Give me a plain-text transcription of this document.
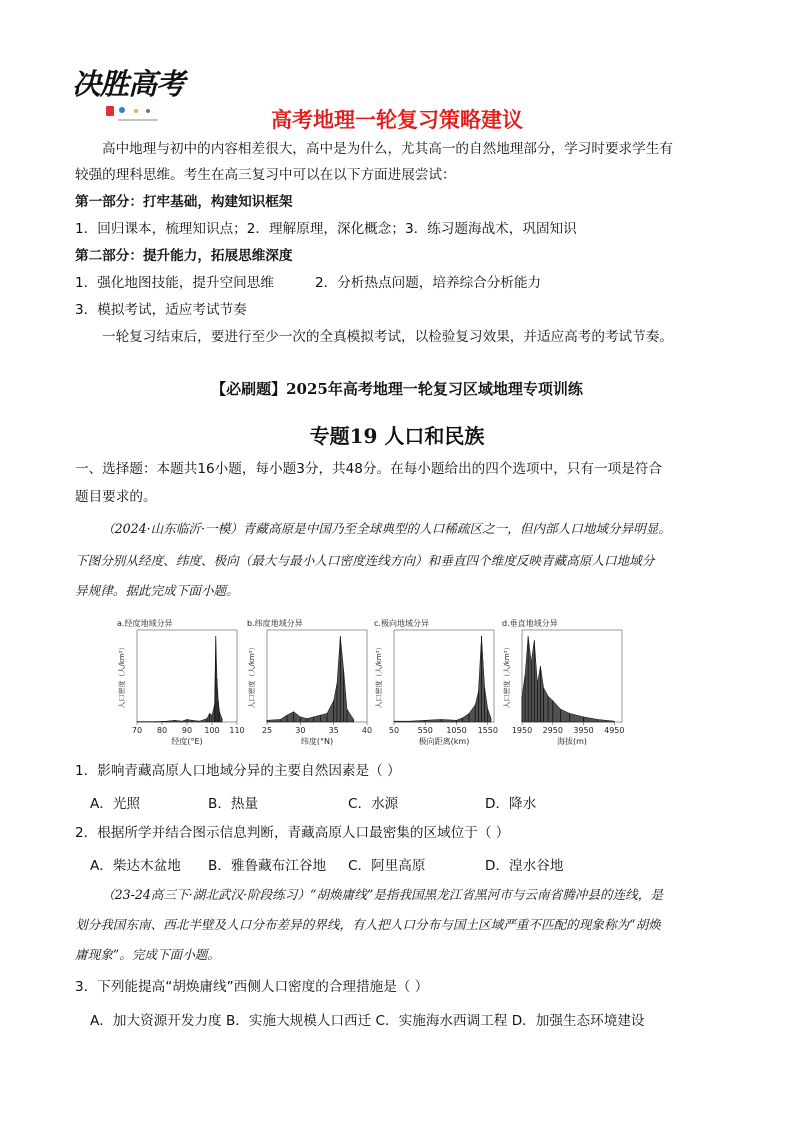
决胜高考
高考地理一轮复习策略建议
高中地理与初中的内容相差很大，高中是为什么，尤其高一的自然地理部分，学习时要求学生有
较强的理科思维。考生在高三复习中可以在以下方面进展尝试：
第一部分：打牢基础，构建知识框架
1．回归课本，梳理知识点；2．理解原理，深化概念；3．练习题海战术，巩固知识
第二部分：提升能力，拓展思维深度
1．强化地图技能，提升空间思维	2．分析热点问题，培养综合分析能力
3．模拟考试，适应考试节奏
一轮复习结束后，要进行至少一次的全真模拟考试，以检验复习效果，并适应高考的考试节奏。
【必刷题】2025年高考地理一轮复习区域地理专项训练
专题19 人口和民族
一、选择题：本题共16小题，每小题3分，共48分。在每小题给出的四个选项中，只有一项是符合
题目要求的。
（2024·山东临沂·一模）青藏高原是中国乃至全球典型的人口稀疏区之一，但内部人口地域分异明显。
下图分别从经度、纬度、极向（最大与最小人口密度连线方向）和垂直四个维度反映青藏高原人口地域分
异规律。据此完成下面小题。
a.经度地域分异
人口密度（人/km²）
70 80 90 100 110
经度(°E)
b.纬度地域分异
人口密度（人/km²）
25	30	35	40
纬度(°N)
c.极向地域分异
人口密度（人/km²）
50 550 1050 1550
极向距离(km)
d.垂直地域分异
人口密度（人/km²）
1950 2950 3950 4950
海拔(m)
1．影响青藏高原人口地域分异的主要自然因素是（ ）
A．光照	B．热量	C．水源	D．降水
2．根据所学并结合图示信息判断，青藏高原人口最密集的区域位于（ ）
A．柴达木盆地 B．雅鲁藏布江谷地 C．阿里高原	D．湟水谷地
（23-24高三下·湖北武汉·阶段练习）“胡焕庸线”是指我国黑龙江省黑河市与云南省腾冲县的连线，是
划分我国东南、西北半壁及人口分布差异的界线，有人把人口分布与国土区域严重不匹配的现象称为“胡焕
庸现象”。完成下面小题。
3．下列能提高“胡焕庸线”西侧人口密度的合理措施是（ ）
A．加大资源开发力度 B．实施大规模人口西迁 C．实施海水西调工程 D．加强生态环境建设
